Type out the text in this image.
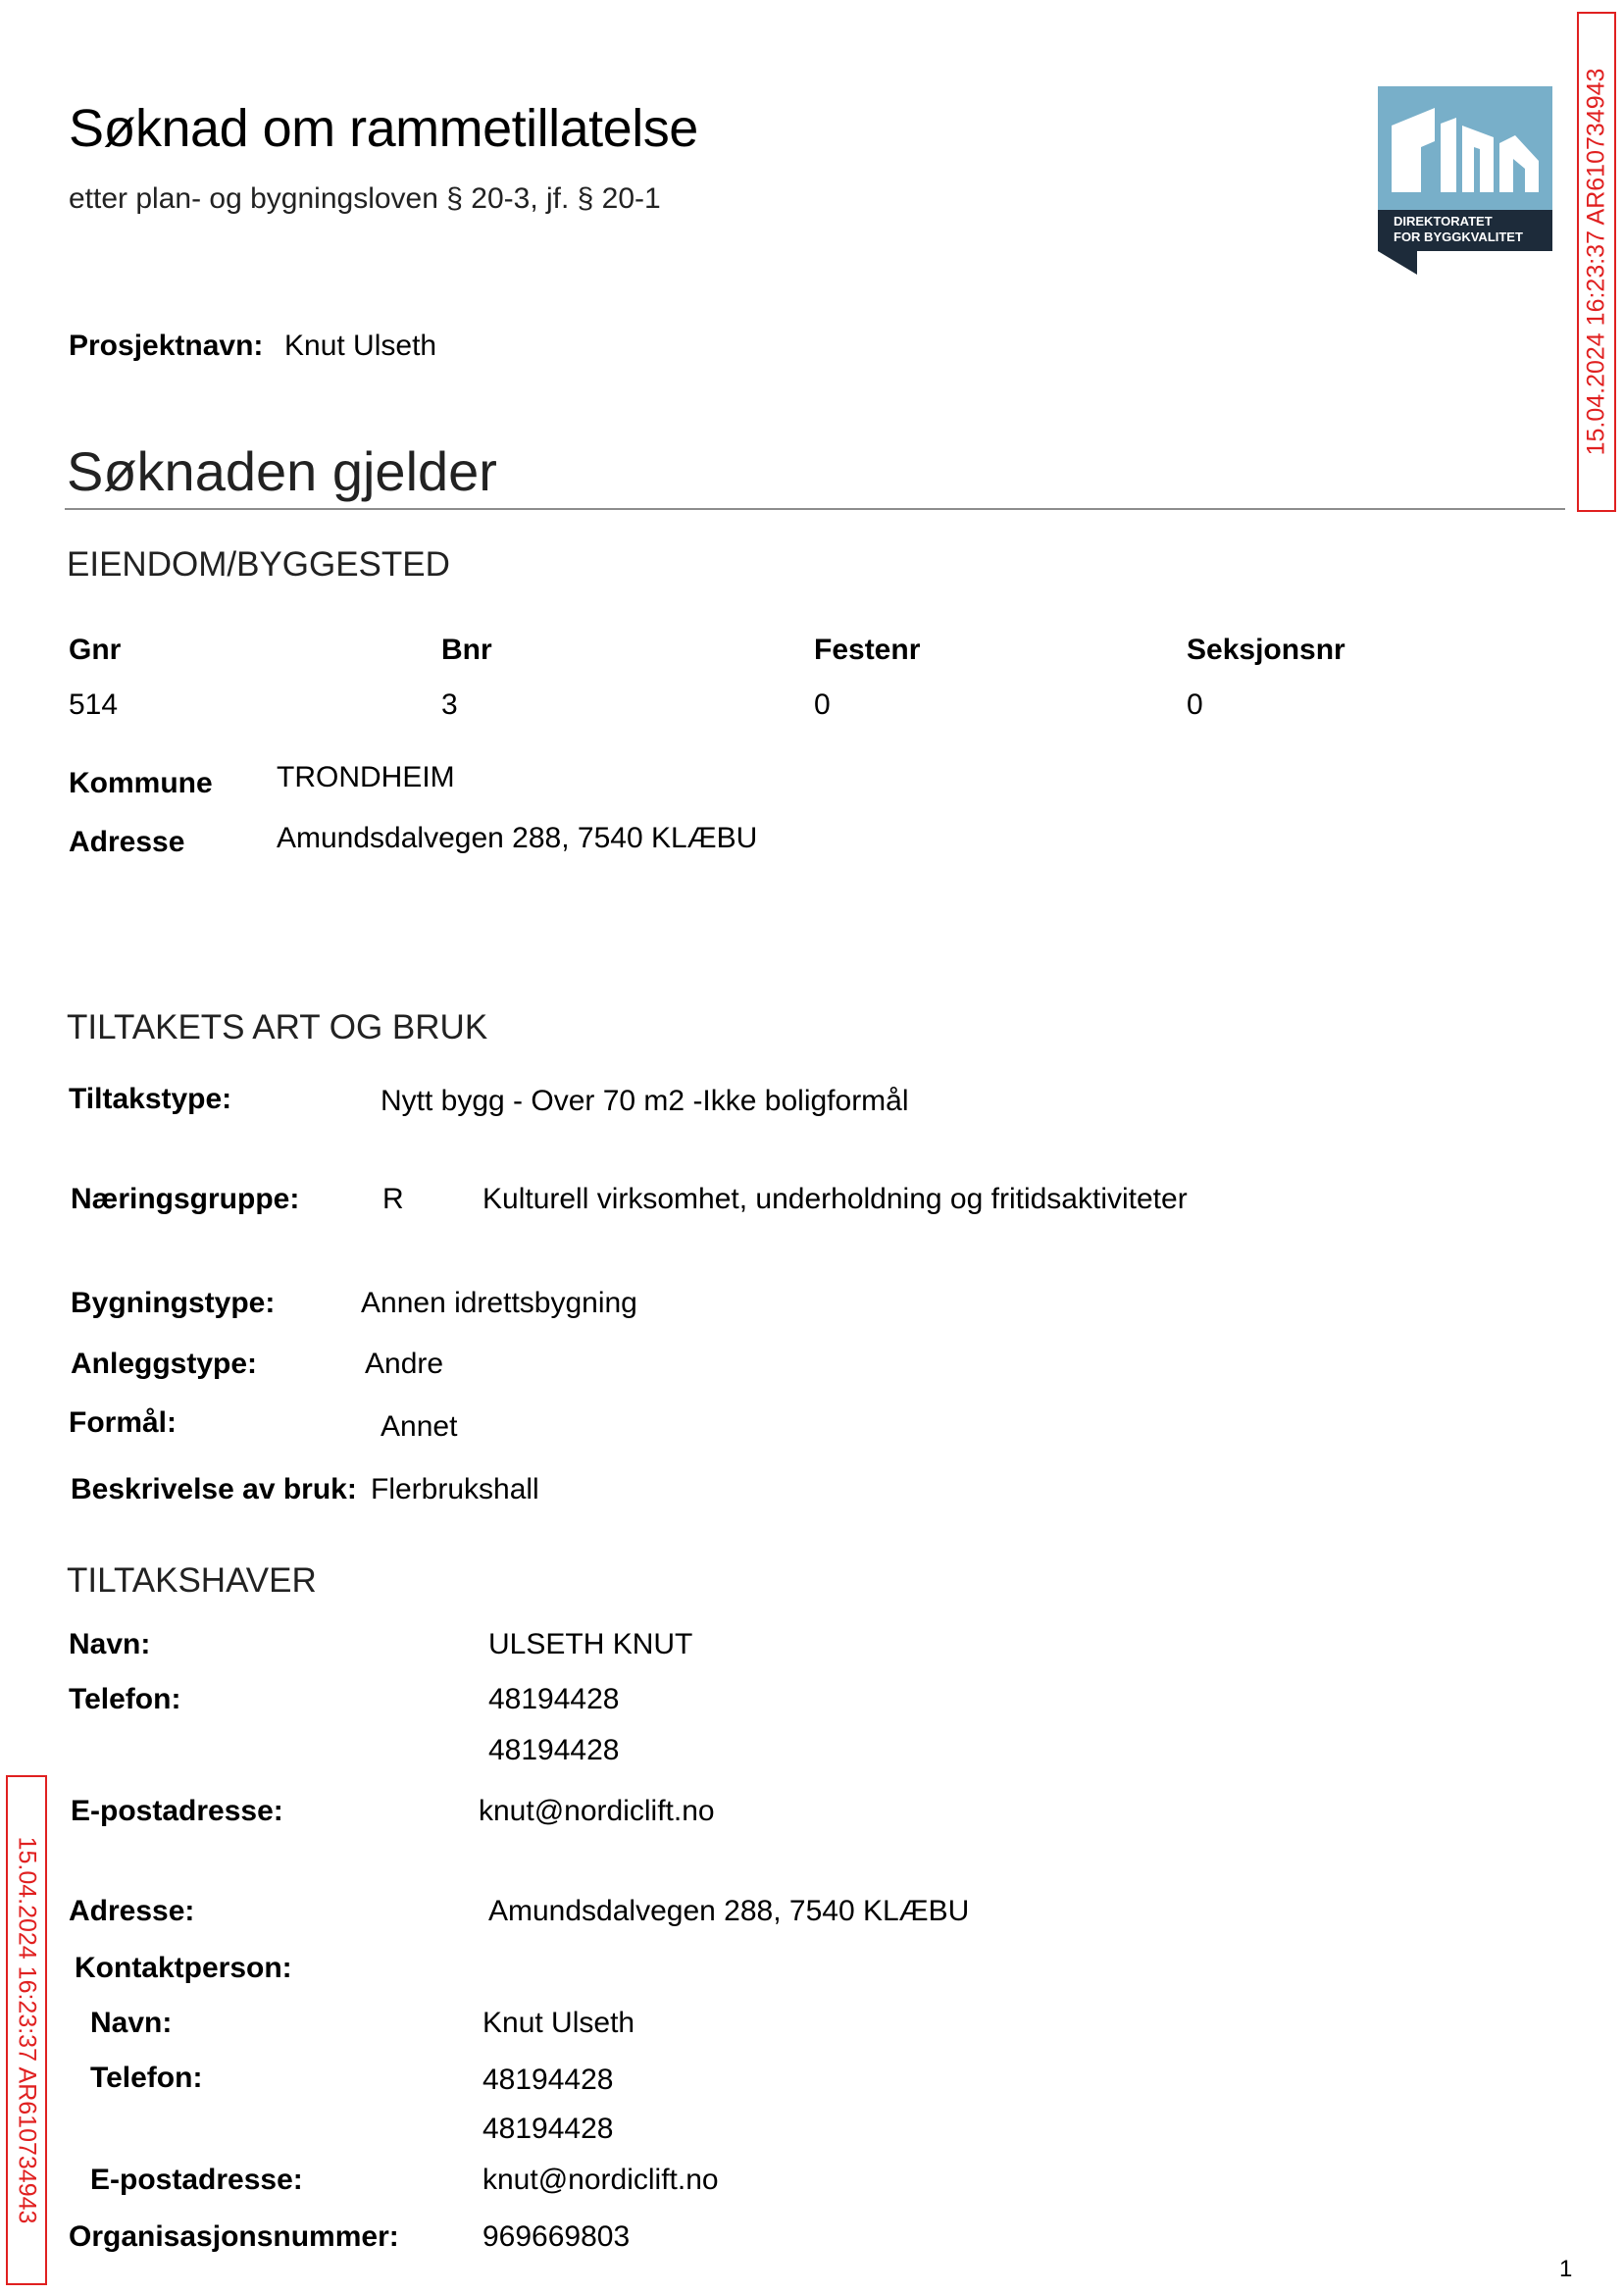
Søknad om rammetillatelse
etter plan- og bygningsloven § 20-3, jf. § 20-1
DIREKTORATET
FOR BYGGKVALITET 15.04.2024 16:23:37 AR610734943
15.04.2024 16:23:37 AR610734943
Prosjektnavn: Knut Ulseth
Søknaden gjelder
EIENDOM/BYGGESTED
Gnr	Bnr	Festenr	Seksjonsnr
514	3	0	0
Kommune TRONDHEIM
Adresse	Amundsdalvegen 288, 7540 KLÆBU
TILTAKETS ART OG BRUK
Tiltakstype:	Nytt bygg - Over 70 m2 -Ikke boligformål
Næringsgruppe:	R	Kulturell virksomhet, underholdning og fritidsaktiviteter
Bygningstype:	Annen idrettsbygning
Anleggstype:	Andre
Formål:	Annet
Beskrivelse av bruk: Flerbrukshall
TILTAKSHAVER
Navn:	ULSETH KNUT
Telefon:	48194428
48194428
E-postadresse:	knut@nordiclift.no
Adresse:	Amundsdalvegen 288, 7540 KLÆBU
Kontaktperson:
Navn:	Knut Ulseth
Telefon:	48194428
48194428
E-postadresse:	knut@nordiclift.no
Organisasjonsnummer:	969669803
1
